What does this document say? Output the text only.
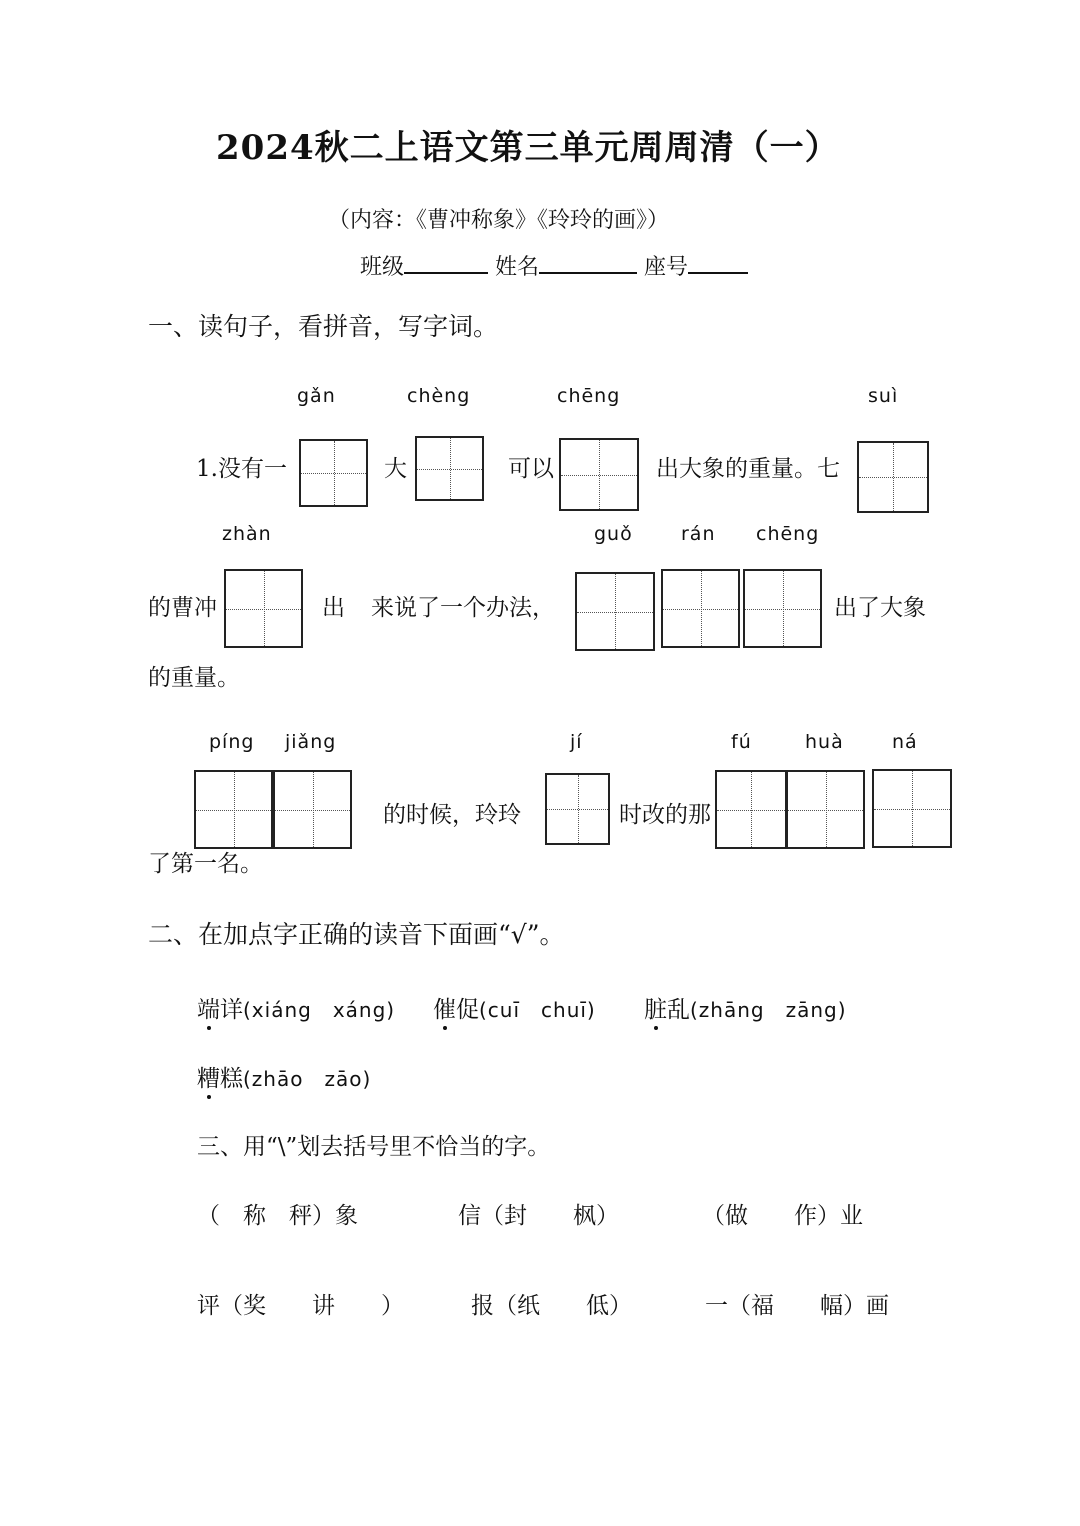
2024秋二上语文第三单元周周清（一）
（内容：《曹冲称象》《玲玲的画》）
班级	姓名	座号
一、读句子，看拼音，写字词。
gǎn	chèng	chēng	suì
1.没有一	大	可以	出大象的重量。七
zhàn	guǒ	rán chēng
的曹冲	出 来说了一个办法，	出了大象
的重量。
píng jiǎng	jí	fú	huà	ná
的时候，玲玲	时改的那
了第一名。
二、在加点字正确的读音下面画“√”。
端详(xiáng　xáng) 催促(cuī　chuī) 脏乱(zhāng　zāng)
糟糕(zhāo　zāo)
三、用“\”划去括号里不恰当的字。
（　称　秤）象	信（封　　枫）	（做　　作）业
评（奖　　讲　　）	报（纸　　低）	一（福　　幅）画
